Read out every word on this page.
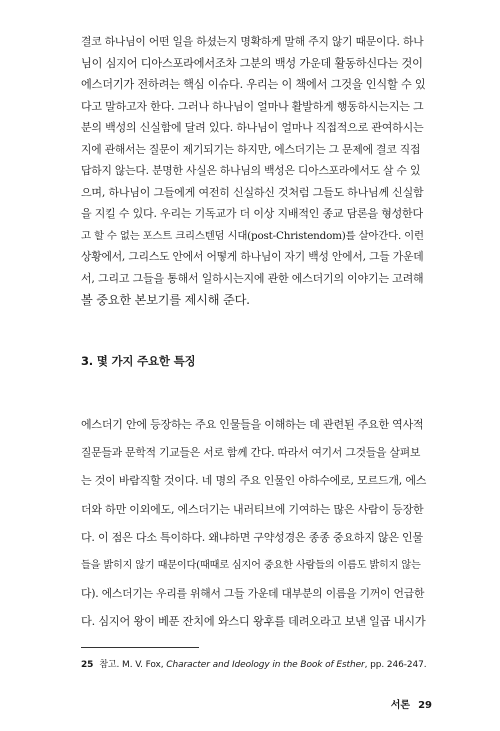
결코 하나님이 어떤 일을 하셨는지 명확하게 말해 주지 않기 때문이다. 하나
님이 심지어 디아스포라에서조차 그분의 백성 가운데 활동하신다는 것이
에스더기가 전하려는 핵심 이슈다. 우리는 이 책에서 그것을 인식할 수 있
다고 말하고자 한다. 그러나 하나님이 얼마나 활발하게 행동하시는지는 그
분의 백성의 신실함에 달려 있다. 하나님이 얼마나 직접적으로 관여하시는
지에 관해서는 질문이 제기되기는 하지만, 에스더기는 그 문제에 결코 직접
답하지 않는다. 분명한 사실은 하나님의 백성은 디아스포라에서도 살 수 있
으며, 하나님이 그들에게 여전히 신실하신 것처럼 그들도 하나님께 신실함
을 지킬 수 있다. 우리는 기독교가 더 이상 지배적인 종교 담론을 형성한다
고 할 수 없는 포스트 크리스텐덤 시대(post-Christendom)를 살아간다. 이런
상황에서, 그리스도 안에서 어떻게 하나님이 자기 백성 안에서, 그들 가운데
서, 그리고 그들을 통해서 일하시는지에 관한 에스더기의 이야기는 고려해
볼 중요한 본보기를 제시해 준다.
3. 몇 가지 주요한 특징
에스더기 안에 등장하는 주요 인물들을 이해하는 데 관련된 주요한 역사적
질문들과 문학적 기교들은 서로 함께 간다. 따라서 여기서 그것들을 살펴보
는 것이 바람직할 것이다. 네 명의 주요 인물인 아하수에로, 모르드개, 에스
더와 하만 이외에도, 에스더기는 내러티브에 기여하는 많은 사람이 등장한
다. 이 점은 다소 특이하다. 왜냐하면 구약성경은 종종 중요하지 않은 인물
들을 밝히지 않기 때문이다(때때로 심지어 중요한 사람들의 이름도 밝히지 않는
다). 에스더기는 우리를 위해서 그들 가운데 대부분의 이름을 기꺼이 언급한
다. 심지어 왕이 베푼 잔치에 와스디 왕후를 데려오라고 보낸 일곱 내시가
25 참고. M. V. Fox, Character and Ideology in the Book of Esther, pp. 246-247.
서론 29
